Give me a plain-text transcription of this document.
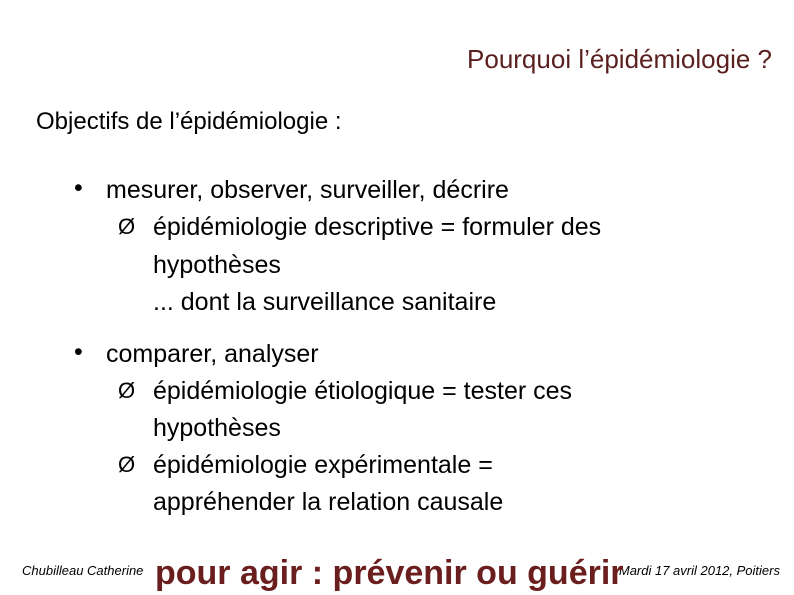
Pourquoi l’épidémiologie ?
Objectifs de l’épidémiologie :
• mesurer, observer, surveiller, décrire
Ø épidémiologie descriptive = formuler des
hypothèses
... dont la surveillance sanitaire
• comparer, analyser
Ø épidémiologie étiologique = tester ces
hypothèses
Ø épidémiologie expérimentale =
appréhender la relation causale
Chubilleau Catherine	Mardi 17 avril 2012, Poitiers
pour agir : prévenir ou guérir
